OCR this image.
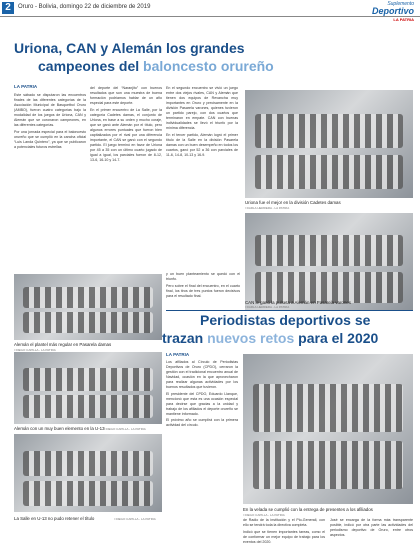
2	Oruro - Bolivia, domingo 22 de diciembre de 2019	Suplemento
Deportivo
LA PATRIA
Uriona, CAN y Alemán los grandes
campeones del baloncesto orureño
LA PATRIA

Este sábado se disputaron las encuentros finales de las diferentes categorías de la Asociación Municipal de Basquetbol Oruro (AMBO), fueron cuatro categorías bajo la modalidad de los juegos de Uriona, CAN y Alemán que se coronaron campeones, en las diferentes categorías.

Por una jornada especial para el baloncesto orureño que se cumplió en la cancha oficial “Luis Landa Quintero”, ya que se publicaron a potenciales futuros estrellas

del deporte del “Naranjito” con buenos resultados que son una muestra de buena formación podríamos hablar de un año especial para este deporte.

En el primer encuentro de La Salle, por la categoría Cadetes damas, el conjunto de Uriona, en base a su orden y mucho coraje, que se ganó ante Alemán por el título, pero algunos errores puntuales que fueron bien capitalizados por el rival por una diferencia importante, el CAN se ganó con el segundo partido. El juego terminó en favor de Uriona por 45 a 35 con un último cuarto jugado de igual a igual, los parciales fueron de 8-12, 13-6, 16-10 y 14-7.

En el segundo encuentro se vivió un juego entre dos viejos rivales, CAN y Alemán que tienen dos equipos de Revancha muy importantes en Oruro y precisamente en la división Pasarela varones, quienes tuvieron un partido parejo, con dos cuartos que terminaron en empate. CAN con buenas individualidades se llevó el triunfo por la mínima diferencia.

En el tercer partido, Alemán logró el primer título de la Salle en la división Pasarela damas con un buen desempeño en todos los cuartos, ganó por 52 a 36 con parciales de 11-6, 14-8, 10-13 y 16-9.

Alemán el plantel más regular en Pasarela damas
/ DIEGO CAPILLA - LA PATRIA
Alemán con un muy buen elemento en la U-13 / DIEGO CAPILLA - LA PATRIA
La Salle en U-13 no pudo retener el título	/ DIEGO CAPILLA - LA PATRIA
Uriona fue el mejor en la división Cadetes damas
/ DARLA HERRERA - LA PATRIA
CAN le ganó la pulseta a Alemán en Pasarela varones
/ DARLA HERRERA - LA PATRIA

y un buen planteamiento se quedó con el triunfo.

Pero sobre el final del encuentro, en el cuarto final, los tiros de tres puntos fueron decisivos para el resultado final.

Periodistas deportivos se
trazan nuevos retos para el 2020
LA PATRIA

Los afiliados al Círculo de Periodistas Deportivos de Oruro (CPDO), cerraron la gestión con el tradicional encuentro anual de Navidad, ocasión en la que aprovecharon para realizar algunas actividades por los buenos resultados que tuvieron.

El presidente del CPDO, Eduardo Llanque, mencionó que esta es una ocasión especial para decirse que gracias a la unidad y trabajo de los afiliados el deporte orureño se mantiene informado.

El próximo año se cumplirá con la primera actividad del círculo.

En la velada se cumplió con la entrega de presentes a los afiliados
/ DIEGO CAPILLA - LA PATRIA

de Radio de la institución y el Pio-Generali, con ello se tendrá toda la directiva completa.

Indicó que se tienen importantes tareas, como el de conformar un mejor equipo de trabajo para los eventos del 2020.

José se encarga de la forma más transparente posible, indicó por otra parte las actividades del periodismo deportivo de Oruro, entre otros aspectos.
